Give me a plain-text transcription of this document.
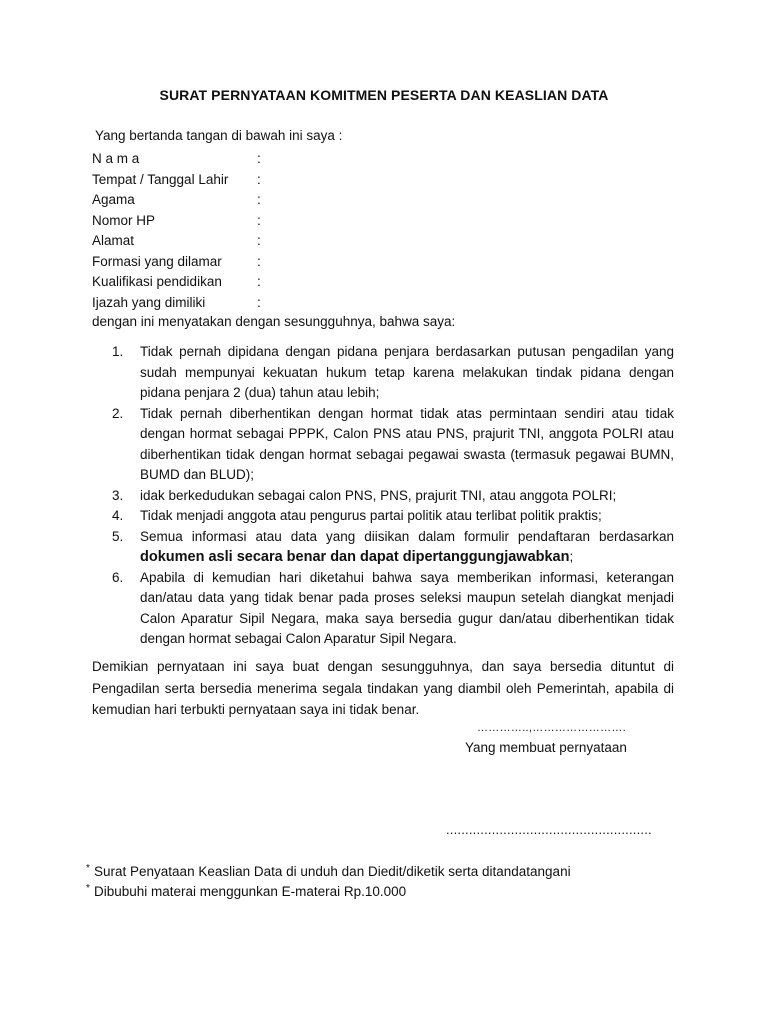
SURAT PERNYATAAN KOMITMEN PESERTA DAN KEASLIAN DATA
Yang bertanda tangan di bawah ini saya :
N a m a	:
Tempat / Tanggal Lahir :
Agama	:
Nomor HP	:
Alamat	:
Formasi yang dilamar	:
Kualifikasi pendidikan	:
Ijazah yang dimiliki	:
dengan ini menyatakan dengan sesungguhnya, bahwa saya:
1. Tidak pernah dipidana dengan pidana penjara berdasarkan putusan pengadilan yang sudah mempunyai kekuatan hukum tetap karena melakukan tindak pidana dengan pidana penjara 2 (dua) tahun atau lebih;
2. Tidak pernah diberhentikan dengan hormat tidak atas permintaan sendiri atau tidak dengan hormat sebagai PPPK, Calon PNS atau PNS, prajurit TNI, anggota POLRI atau diberhentikan tidak dengan hormat sebagai pegawai swasta (termasuk pegawai BUMN, BUMD dan BLUD);
3. idak berkedudukan sebagai calon PNS, PNS, prajurit TNI, atau anggota POLRI;
4. Tidak menjadi anggota atau pengurus partai politik atau terlibat politik praktis;
5. Semua informasi atau data yang diisikan dalam formulir pendaftaran berdasarkan dokumen asli secara benar dan dapat dipertanggungjawabkan;
6. Apabila di kemudian hari diketahui bahwa saya memberikan informasi, keterangan dan/atau data yang tidak benar pada proses seleksi maupun setelah diangkat menjadi Calon Aparatur Sipil Negara, maka saya bersedia gugur dan/atau diberhentikan tidak dengan hormat sebagai Calon Aparatur Sipil Negara.
Demikian pernyataan ini saya buat dengan sesungguhnya, dan saya bersedia dituntut di Pengadilan serta bersedia menerima segala tindakan yang diambil oleh Pemerintah, apabila di kemudian hari terbukti pernyataan saya ini tidak benar.
…………..,…………………….
Yang membuat pernyataan
......................................................
* Surat Penyataan Keaslian Data di unduh dan Diedit/diketik serta ditandatangani
* Dibubuhi materai menggunkan E-materai Rp.10.000
